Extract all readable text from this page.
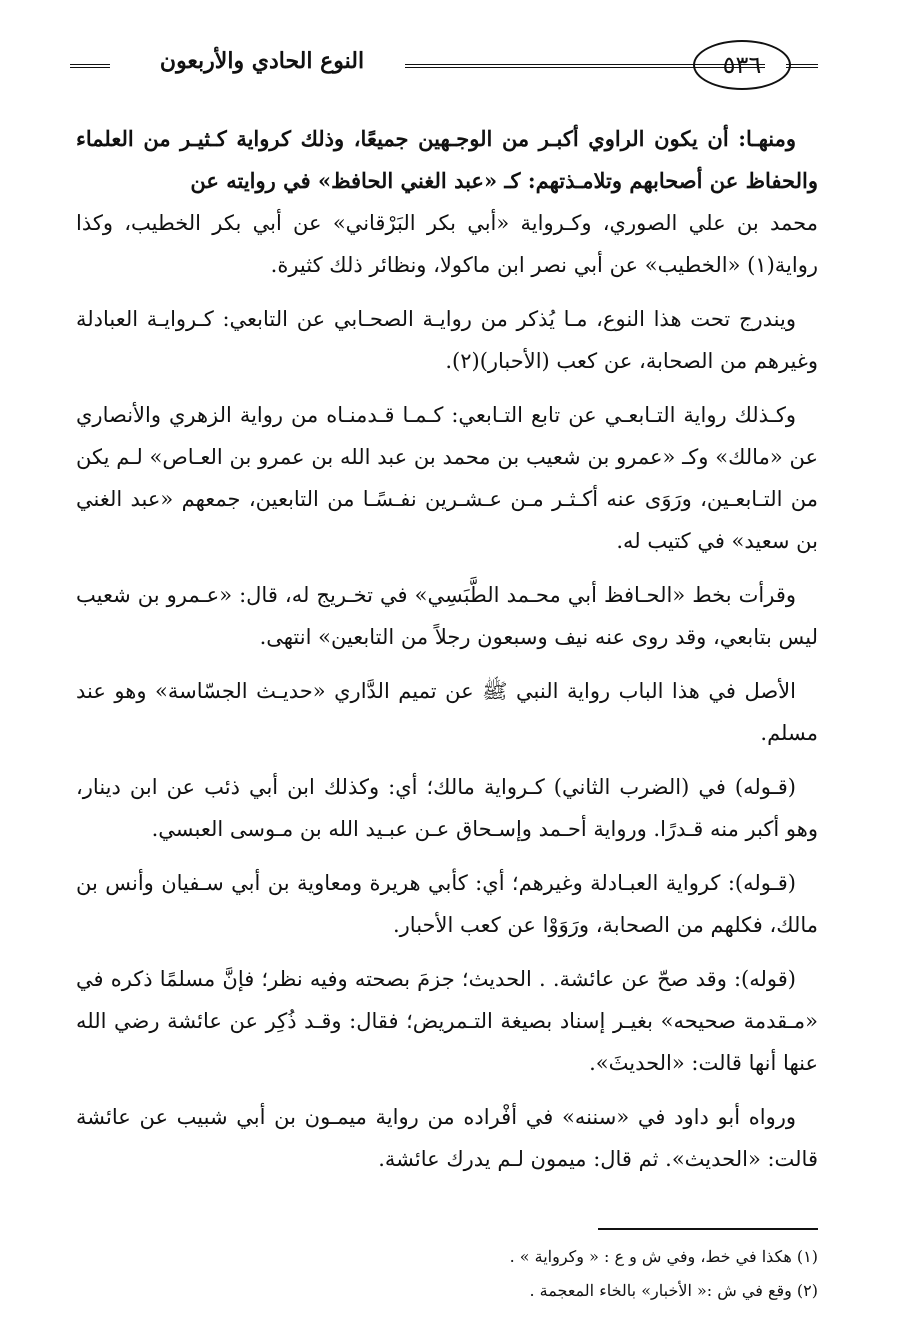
النوع الحادي والأربعون	٥٣٦

ومنهـا: أن يكون الراوي أكبـر من الوجـهين جميعًا، وذلك كرواية كـثيـر من العلماء والحفاظ عن أصحابهم وتلامـذتهم: كـ «عبد الغني الحافظ» في روايته عن

محمد بن علي الصوري، وكـرواية «أبي بكر البَرْقاني» عن أبي بكر الخطيب، وكذا رواية(١) «الخطيب» عن أبي نصر ابن ماكولا، ونظائر ذلك كثيرة.

ويندرج تحت هذا النوع، مـا يُذكر من روايـة الصحـابي عن التابعي: كـروايـة العبادلة وغيرهم من الصحابة، عن كعب (الأحبار)(٢).

وكـذلك رواية التـابعـي عن تابع التـابعي: كـمـا قـدمنـاه من رواية الزهري والأنصاري عن «مالك» وكـ «عمرو بن شعيب بن محمد بن عبد الله بن عمرو بن العـاص» لـم يكن من التـابعـين، ورَوَى عنه أكـثـر مـن عـشـرين نفـسًـا من التابعين، جمعهم «عبد الغني بن سعيد» في كتيب له.

وقرأت بخط «الحـافظ أبي محـمد الطَّبَسِي» في تخـريج له، قال: «عـمرو بن شعيب ليس بتابعي، وقد روى عنه نيف وسبعون رجلاً من التابعين» انتهى.

الأصل في هذا الباب رواية النبي ﷺ عن تميم الدَّاري «حديـث الجسّاسة» وهو عند مسلم.

(قـوله) في (الضرب الثاني) كـرواية مالك؛ أي: وكذلك ابن أبي ذئب عن ابن دينار، وهو أكبر منه قـدرًا. ورواية أحـمد وإسـحاق عـن عبـيد الله بن مـوسى العبسي.

(قـوله): كرواية العبـادلة وغيرهم؛ أي: كأبي هريرة ومعاوية بن أبي سـفيان وأنس بن مالك، فكلهم من الصحابة، ورَوَوْا عن كعب الأحبار.

(قوله): وقد صحّ عن عائشة. . الحديث؛ جزمَ بصحته وفيه نظر؛ فإنَّ مسلمًا ذكره في «مـقدمة صحيحه» بغيـر إسناد بصيغة التـمريض؛ فقال: وقـد ذُكِر عن عائشة رضي الله عنها أنها قالت: «الحديثَ».

ورواه أبو داود في «سننه» في أفْراده من رواية ميمـون بن أبي شبيب عن عائشة قالت: «الحديث». ثم قال: ميمون لـم يدرك عائشة.

(١) هكذا في خط، وفي ش و ع : « وكرواية » .
(٢) وقع في ش :« الأخبار» بالخاء المعجمة .
